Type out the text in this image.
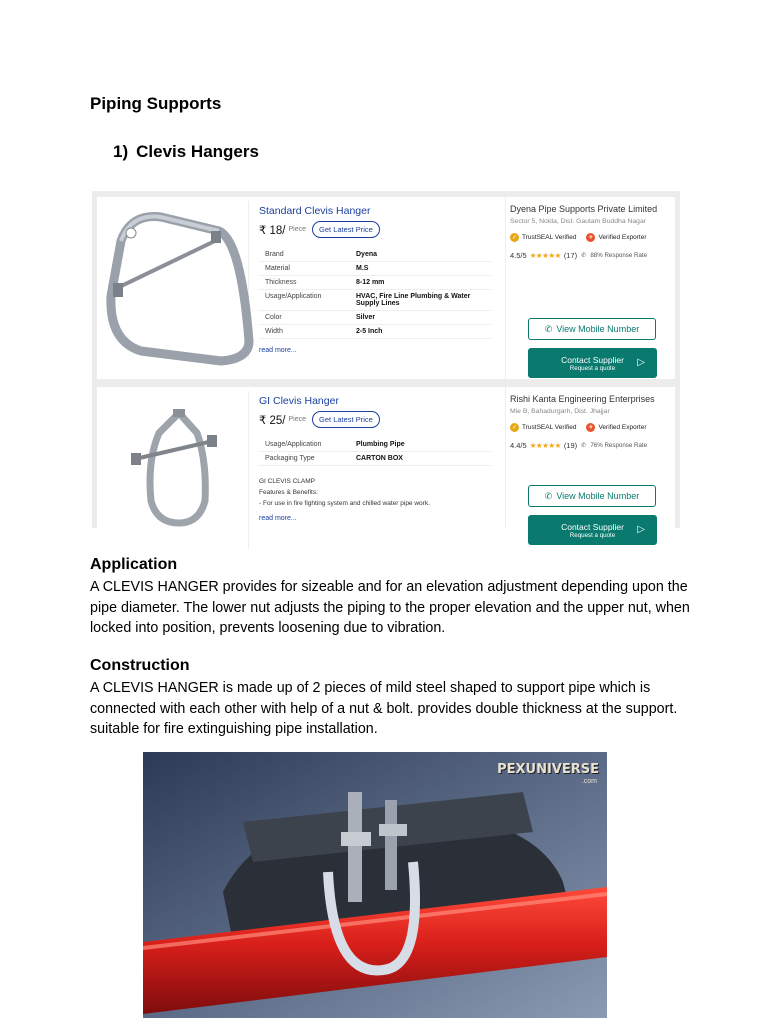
Piping Supports
1) Clevis Hangers
Standard Clevis Hanger
₹ 18/ Piece	Get Latest Price
Brand	Dyena
Material	M.S
Thickness	8-12 mm
Usage/Application	HVAC, Fire Line Plumbing & Water Supply Lines
Color	Silver
Width	2-5 Inch
read more...
Dyena Pipe Supports Private Limited
Sector 5, Noida, Dist. Gautam Buddha Nagar
✓ TrustSEAL Verified	✈ Verified Exporter
4.5/5 ★★★★★ (17) ✆ 88% Response Rate
✆ View Mobile Number
Contact Supplier
Request a quote ▷
GI Clevis Hanger
₹ 25/ Piece	Get Latest Price
Usage/Application	Plumbing Pipe
Packaging Type	CARTON BOX
GI CLEVIS CLAMP
Features & Benefits:
- For use in fire fighting system and chilled water pipe work.
read more...
Rishi Kanta Engineering Enterprises
Mie B, Bahadurgarh, Dist. Jhajjar
✓ TrustSEAL Verified	✈ Verified Exporter
4.4/5 ★★★★★ (19) ✆ 76% Response Rate
✆ View Mobile Number
Contact Supplier
Request a quote ▷
Application
A CLEVIS HANGER provides for sizeable and for an elevation adjustment depending upon the pipe diameter. The lower nut adjusts the piping to the proper elevation and the upper nut, when locked into position, prevents loosening due to vibration.
Construction
A CLEVIS HANGER is made up of 2 pieces of mild steel shaped to support pipe which is connected with each other with help of a nut & bolt. provides double thickness at the support. suitable for fire extinguishing pipe installation.
PEXUNIVERSE
.com
